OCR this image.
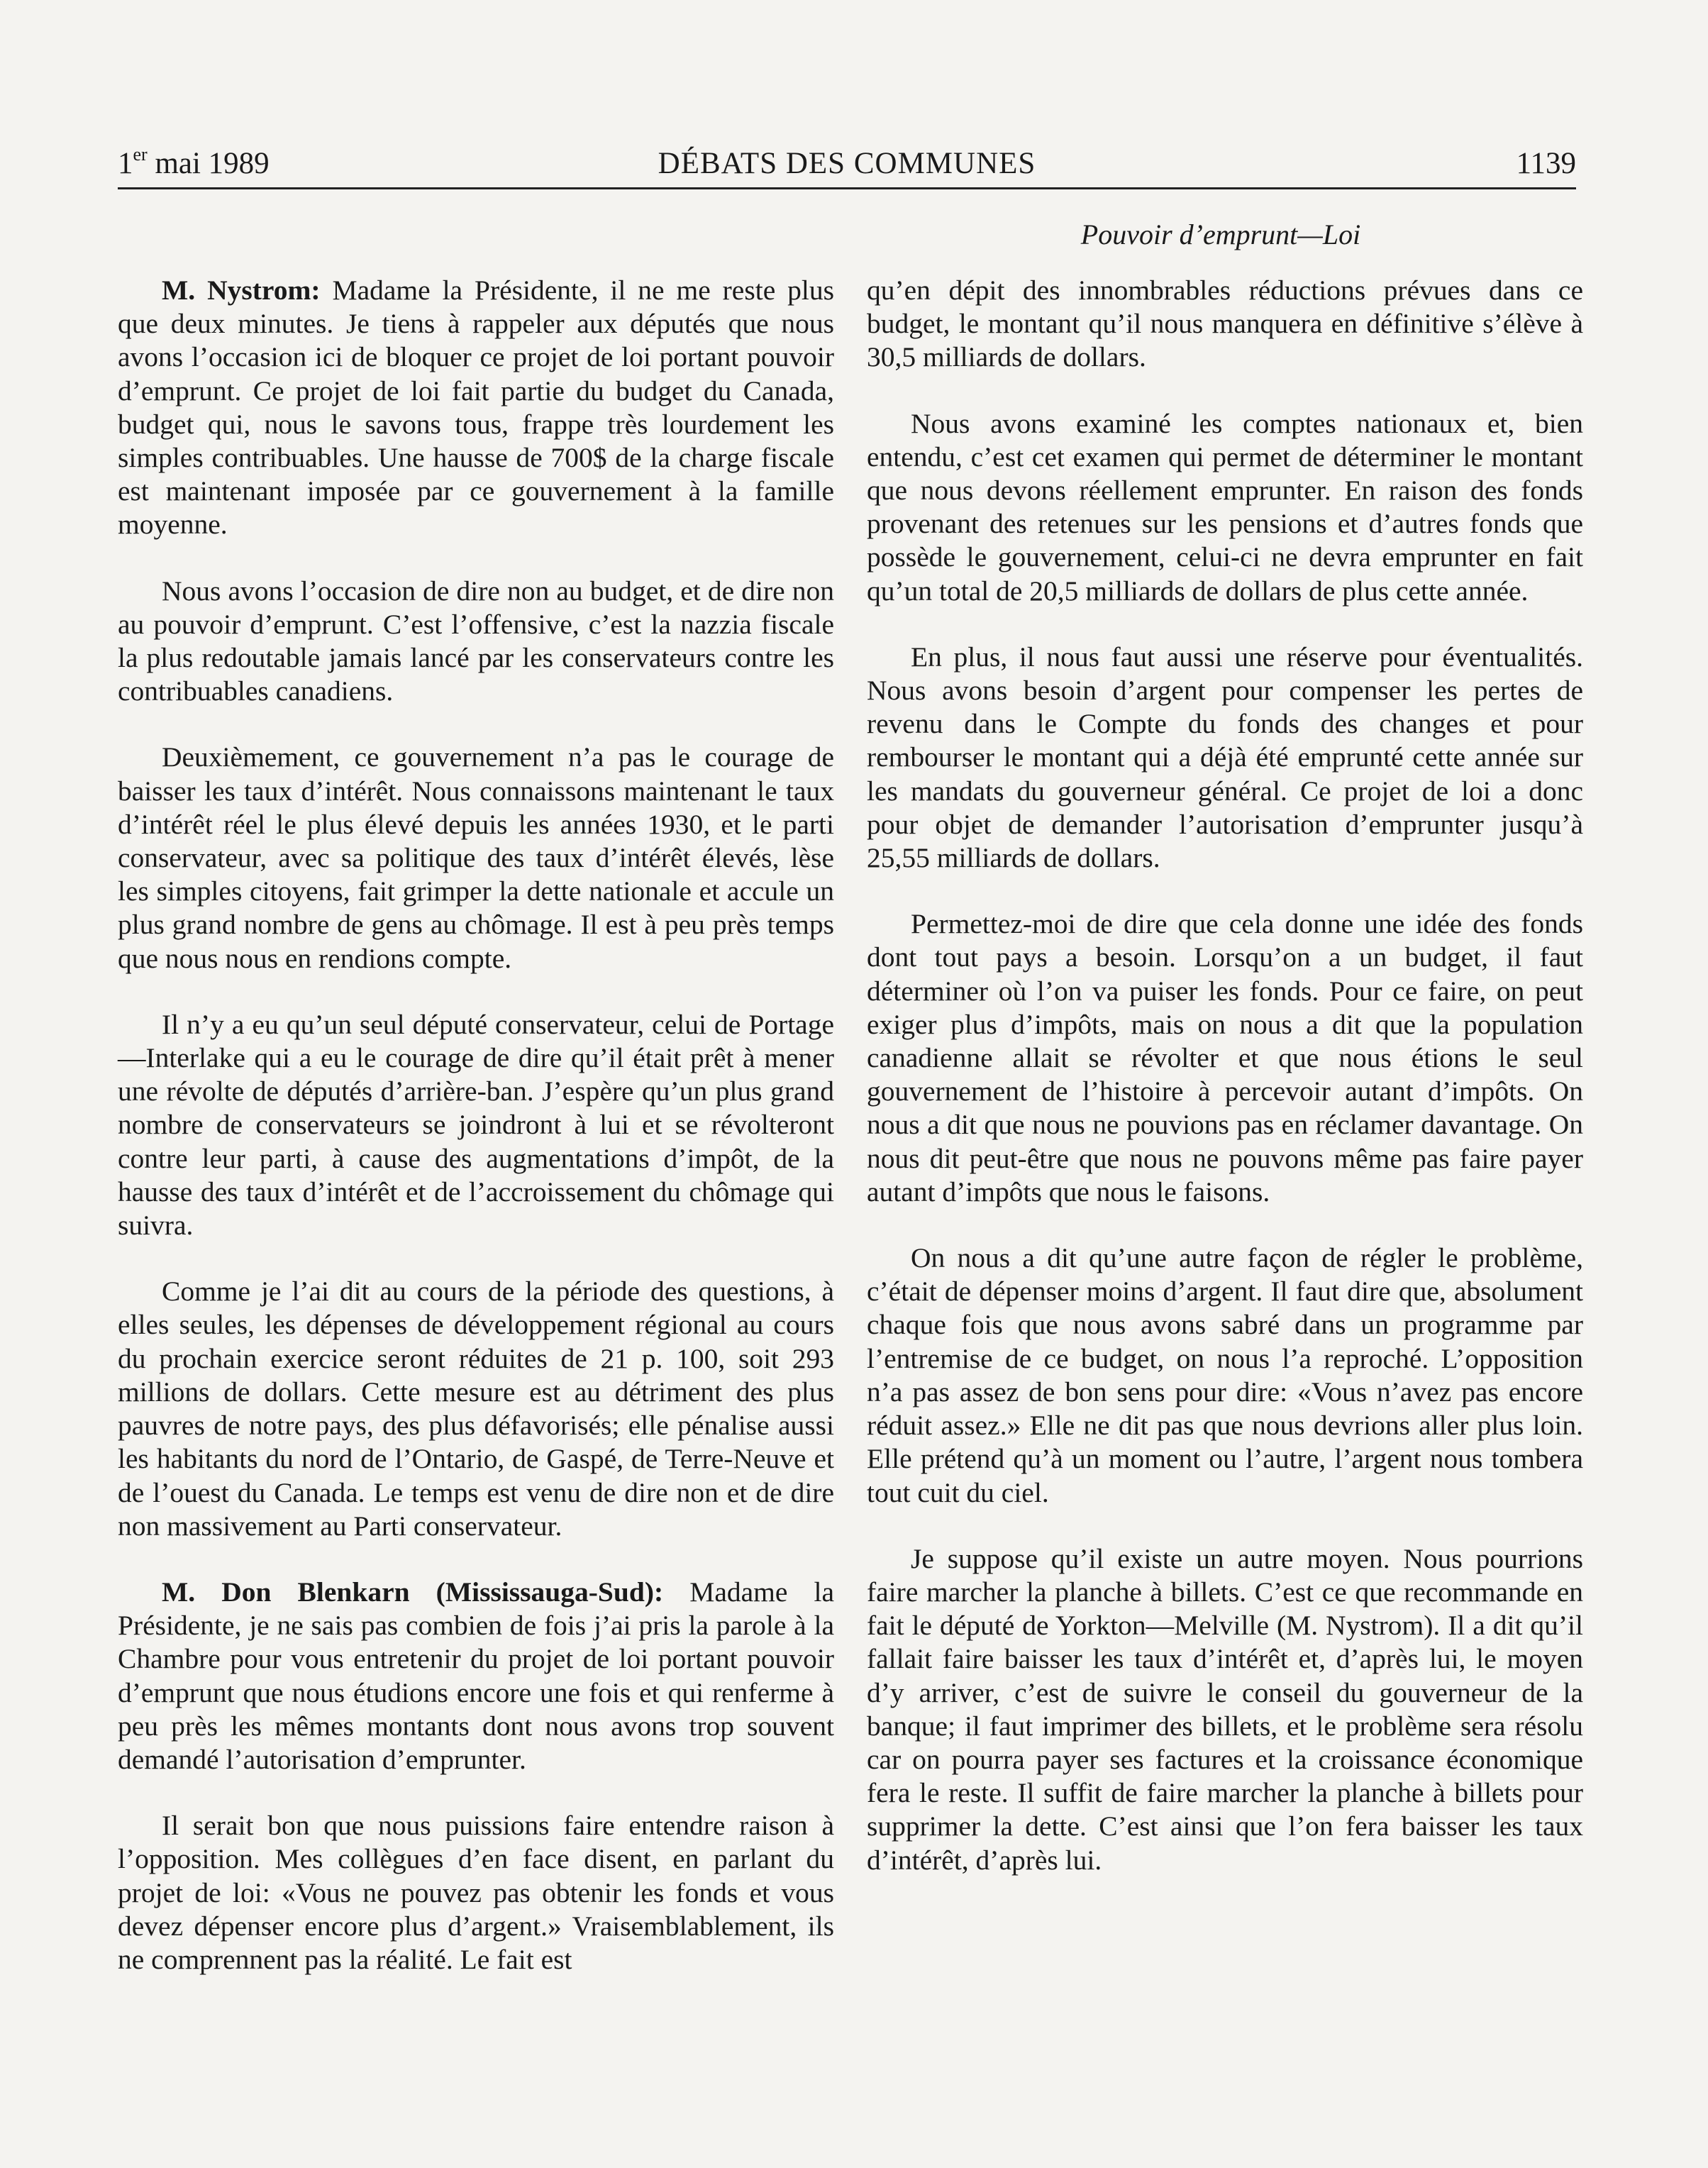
1er mai 1989	DÉBATS DES COMMUNES	1139
Pouvoir d’emprunt—Loi

M. Nystrom: Madame la Présidente, il ne me reste plus que deux minutes. Je tiens à rappeler aux députés que nous avons l’occasion ici de bloquer ce projet de loi portant pouvoir d’emprunt. Ce projet de loi fait partie du budget du Canada, budget qui, nous le savons tous, frappe très lourdement les simples contribuables. Une hausse de 700$ de la charge fiscale est maintenant imposée par ce gouvernement à la famille moyenne.

Nous avons l’occasion de dire non au budget, et de dire non au pouvoir d’emprunt. C’est l’offensive, c’est la nazzia fiscale la plus redoutable jamais lancé par les conservateurs contre les contribuables canadiens.

Deuxièmement, ce gouvernement n’a pas le courage de baisser les taux d’intérêt. Nous connaissons maintenant le taux d’intérêt réel le plus élevé depuis les années 1930, et le parti conservateur, avec sa politique des taux d’intérêt élevés, lèse les simples citoyens, fait grimper la dette nationale et accule un plus grand nombre de gens au chômage. Il est à peu près temps que nous nous en rendions compte.

Il n’y a eu qu’un seul député conservateur, celui de Portage—Interlake qui a eu le courage de dire qu’il était prêt à mener une révolte de députés d’arrière-ban. J’espère qu’un plus grand nombre de conservateurs se joindront à lui et se révolteront contre leur parti, à cause des augmentations d’impôt, de la hausse des taux d’intérêt et de l’accroissement du chômage qui suivra.

Comme je l’ai dit au cours de la période des questions, à elles seules, les dépenses de développement régional au cours du prochain exercice seront réduites de 21 p. 100, soit 293 millions de dollars. Cette mesure est au détriment des plus pauvres de notre pays, des plus défavorisés; elle pénalise aussi les habitants du nord de l’Ontario, de Gaspé, de Terre-Neuve et de l’ouest du Canada. Le temps est venu de dire non et de dire non massivement au Parti conservateur.

M. Don Blenkarn (Mississauga-Sud): Madame la Présidente, je ne sais pas combien de fois j’ai pris la parole à la Chambre pour vous entretenir du projet de loi portant pouvoir d’emprunt que nous étudions encore une fois et qui renferme à peu près les mêmes montants dont nous avons trop souvent demandé l’autorisation d’emprunter.

Il serait bon que nous puissions faire entendre raison à l’opposition. Mes collègues d’en face disent, en parlant du projet de loi: «Vous ne pouvez pas obtenir les fonds et vous devez dépenser encore plus d’argent.» Vraisemblablement, ils ne comprennent pas la réalité. Le fait est

qu’en dépit des innombrables réductions prévues dans ce budget, le montant qu’il nous manquera en définitive s’élève à 30,5 milliards de dollars.

Nous avons examiné les comptes nationaux et, bien entendu, c’est cet examen qui permet de déterminer le montant que nous devons réellement emprunter. En raison des fonds provenant des retenues sur les pensions et d’autres fonds que possède le gouvernement, celui-ci ne devra emprunter en fait qu’un total de 20,5 milliards de dollars de plus cette année.

En plus, il nous faut aussi une réserve pour éventualités. Nous avons besoin d’argent pour compenser les pertes de revenu dans le Compte du fonds des changes et pour rembourser le montant qui a déjà été emprunté cette année sur les mandats du gouverneur général. Ce projet de loi a donc pour objet de demander l’autorisation d’emprunter jusqu’à 25,55 milliards de dollars.

Permettez-moi de dire que cela donne une idée des fonds dont tout pays a besoin. Lorsqu’on a un budget, il faut déterminer où l’on va puiser les fonds. Pour ce faire, on peut exiger plus d’impôts, mais on nous a dit que la population canadienne allait se révolter et que nous étions le seul gouvernement de l’histoire à percevoir autant d’impôts. On nous a dit que nous ne pouvions pas en réclamer davantage. On nous dit peut-être que nous ne pouvons même pas faire payer autant d’impôts que nous le faisons.

On nous a dit qu’une autre façon de régler le problème, c’était de dépenser moins d’argent. Il faut dire que, absolument chaque fois que nous avons sabré dans un programme par l’entremise de ce budget, on nous l’a reproché. L’opposition n’a pas assez de bon sens pour dire: «Vous n’avez pas encore réduit assez.» Elle ne dit pas que nous devrions aller plus loin. Elle prétend qu’à un moment ou l’autre, l’argent nous tombera tout cuit du ciel.

Je suppose qu’il existe un autre moyen. Nous pourrions faire marcher la planche à billets. C’est ce que recommande en fait le député de Yorkton—Melville (M. Nystrom). Il a dit qu’il fallait faire baisser les taux d’intérêt et, d’après lui, le moyen d’y arriver, c’est de suivre le conseil du gouverneur de la banque; il faut imprimer des billets, et le problème sera résolu car on pourra payer ses factures et la croissance économique fera le reste. Il suffit de faire marcher la planche à billets pour supprimer la dette. C’est ainsi que l’on fera baisser les taux d’intérêt, d’après lui.
